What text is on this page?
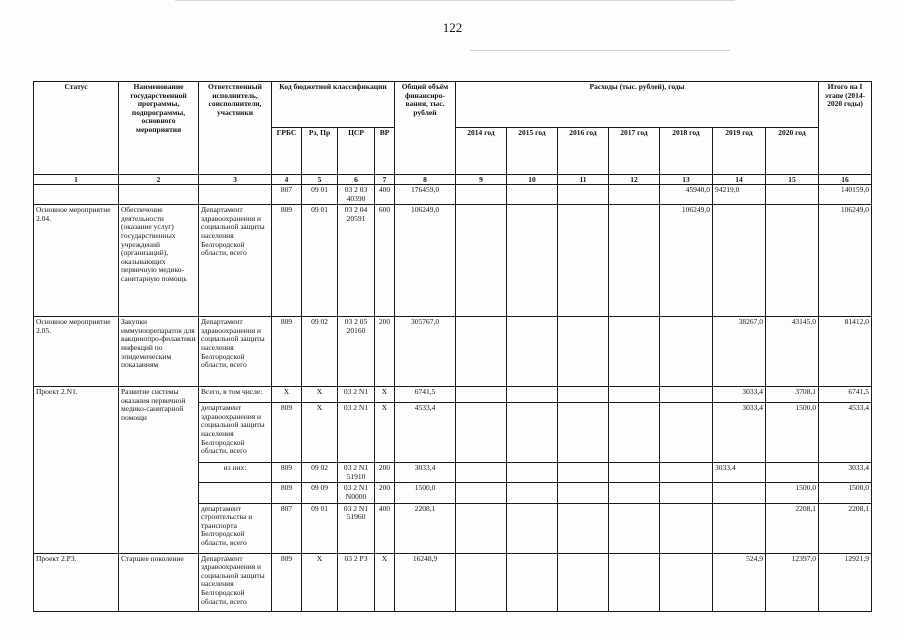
122
Статус	Наименование государственной программы, подпрограммы, основного мероприятия	Ответственный исполнитель, соисполнители, участники	Код бюджетной классификации				Общий объём финансиро-вания, тыс. рублей	Расходы (тыс. рублей), годы							Итого на I этапе (2014-2020 годы)
			ГРБС	Рз, Пр	ЦСР	ВР		2014 год	2015 год	2016 год	2017 год	2018 год	2019 год	2020 год	
1	2	3	4	5	6	7	8	9	10	11	12	13	14	15	16
			807	09 01	03 2 03 40390	400	176459,0					45940,0	94219,0		140159,0
Основное мероприятие 2.04.	Обеспечение деятельности (оказание услуг) государственных учреждений (организаций), оказывающих первичную медико-санитарную помощь	Департамент здравоохранения и социальной защиты населения Белгородской области, всего	809	09 01	03 2 04 20591	600	106249,0					106249,0			106249,0
Основное мероприятие 2.05.	Закупки иммунопрепаратов для вакцинопро-филактики инфекций по эпидемическим показаниям	Департамент здравоохранения и социальной защиты населения Белгородской области, всего	809	09 02	03 2 05 20160	200	305767,0						38267,0	43145,0	81412,0
Проект 2.N1.	Развитие системы оказания первичной медико-санитарной помощи	Всего, в том числе:	Х	Х	03 2 N1	Х	6741,5						3033,4	3708,1	6741,5
		департамент здравоохранения и социальной защиты населения Белгородской области, всего	809	Х	03 2 N1	Х	4533,4						3033,4	1500,0	4533,4
		из них:	809	09 02	03 2 N1 51910	200	3033,4						3033,4		3033,4
			809	09 09	03 2 N1 N0000	200	1500,0							1500,0	1500,0
		департамент строительства и транспорта Белгородской области, всего	807	09 01	03 2 N1 51960	400	2208,1							2208,1	2208,1
Проект 2.Р3.	Старшее поколение	Департамент здравоохранения и социальной защиты населения Белгородской области, всего	809	Х	03 2 Р3	Х	16248,9						524,9	12397,0	12921,9
